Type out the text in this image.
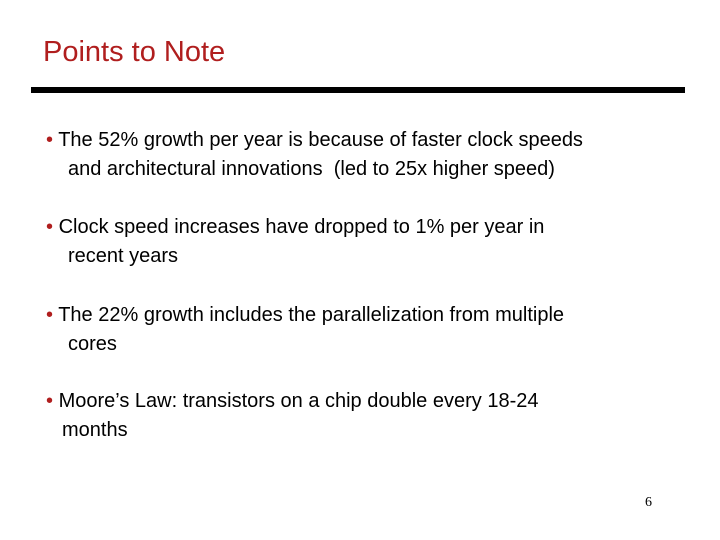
Points to Note
• The 52% growth per year is because of faster clock speeds
and architectural innovations  (led to 25x higher speed)
• Clock speed increases have dropped to 1% per year in
recent years
• The 22% growth includes the parallelization from multiple
cores
• Moore’s Law: transistors on a chip double every 18-24
months
6
